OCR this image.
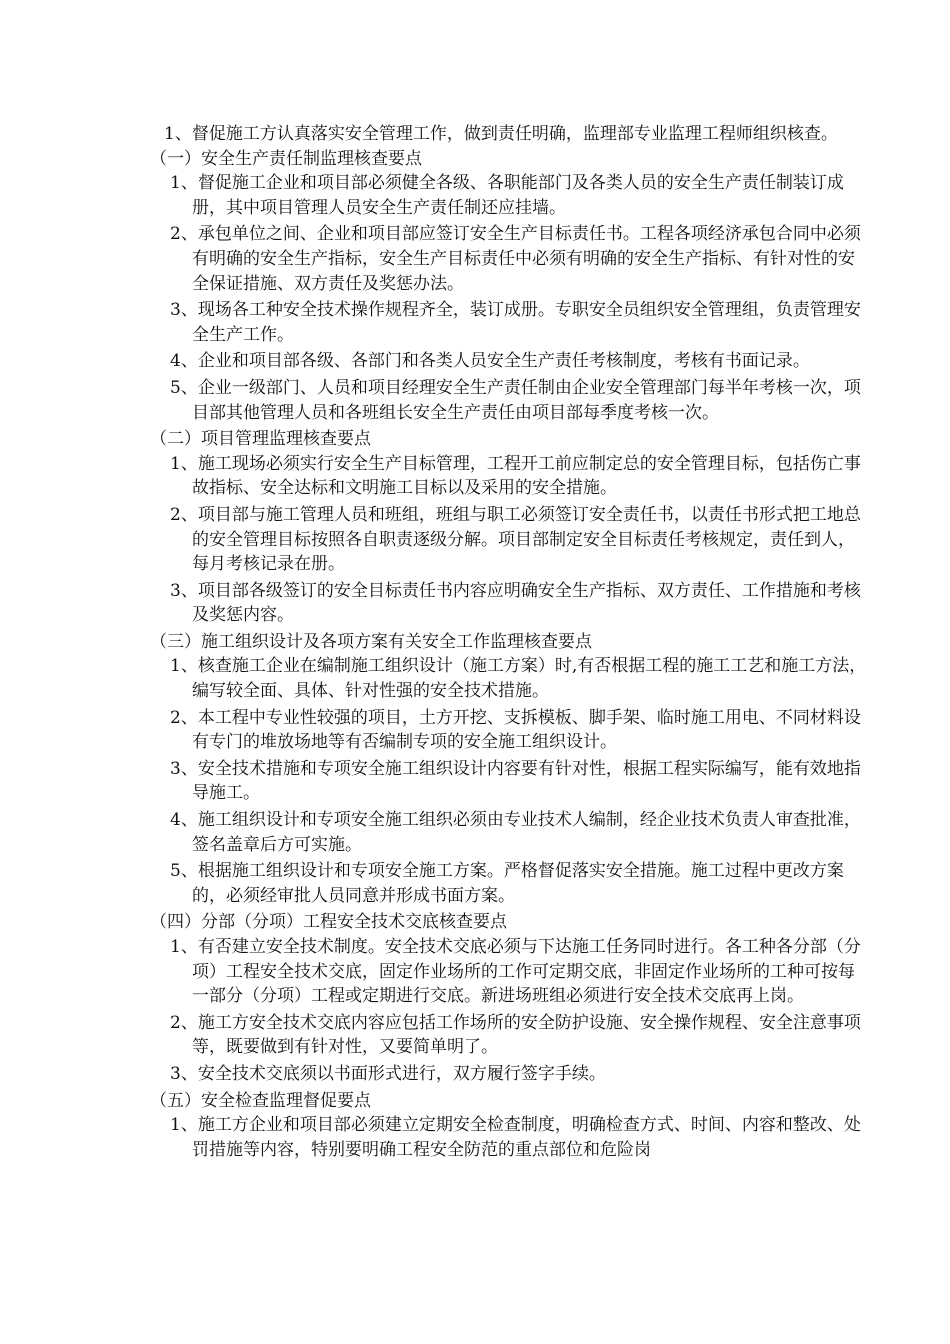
1、督促施工方认真落实安全管理工作，做到责任明确，监理部专业监理工程师组织核查。

（一）安全生产责任制监理核查要点

1、督促施工企业和项目部必须健全各级、各职能部门及各类人员的安全生产责任制装订成册，其中项目管理人员安全生产责任制还应挂墙。

2、承包单位之间、企业和项目部应签订安全生产目标责任书。工程各项经济承包合同中必须有明确的安全生产指标，安全生产目标责任中必须有明确的安全生产指标、有针对性的安全保证措施、双方责任及奖惩办法。

3、现场各工种安全技术操作规程齐全，装订成册。专职安全员组织安全管理组，负责管理安全生产工作。

4、企业和项目部各级、各部门和各类人员安全生产责任考核制度，考核有书面记录。

5、企业一级部门、人员和项目经理安全生产责任制由企业安全管理部门每半年考核一次，项目部其他管理人员和各班组长安全生产责任由项目部每季度考核一次。

（二）项目管理监理核查要点

1、施工现场必须实行安全生产目标管理，工程开工前应制定总的安全管理目标，包括伤亡事故指标、安全达标和文明施工目标以及采用的安全措施。

2、项目部与施工管理人员和班组，班组与职工必须签订安全责任书，以责任书形式把工地总的安全管理目标按照各自职责逐级分解。项目部制定安全目标责任考核规定，责任到人，每月考核记录在册。

3、项目部各级签订的安全目标责任书内容应明确安全生产指标、双方责任、工作措施和考核及奖惩内容。

（三）施工组织设计及各项方案有关安全工作监理核查要点

1、核查施工企业在编制施工组织设计（施工方案）时,有否根据工程的施工工艺和施工方法，编写较全面、具体、针对性强的安全技术措施。

2、本工程中专业性较强的项目，土方开挖、支拆模板、脚手架、临时施工用电、不同材料设有专门的堆放场地等有否编制专项的安全施工组织设计。

3、安全技术措施和专项安全施工组织设计内容要有针对性，根据工程实际编写，能有效地指导施工。

4、施工组织设计和专项安全施工组织必须由专业技术人编制，经企业技术负责人审查批准，签名盖章后方可实施。

5、根据施工组织设计和专项安全施工方案。严格督促落实安全措施。施工过程中更改方案的，必须经审批人员同意并形成书面方案。

（四）分部（分项）工程安全技术交底核查要点

1、有否建立安全技术制度。安全技术交底必须与下达施工任务同时进行。各工种各分部（分项）工程安全技术交底，固定作业场所的工作可定期交底，非固定作业场所的工种可按每一部分（分项）工程或定期进行交底。新进场班组必须进行安全技术交底再上岗。

2、施工方安全技术交底内容应包括工作场所的安全防护设施、安全操作规程、安全注意事项等，既要做到有针对性，又要简单明了。

3、安全技术交底须以书面形式进行，双方履行签字手续。

（五）安全检查监理督促要点

1、施工方企业和项目部必须建立定期安全检查制度，明确检查方式、时间、内容和整改、处罚措施等内容，特别要明确工程安全防范的重点部位和危险岗
